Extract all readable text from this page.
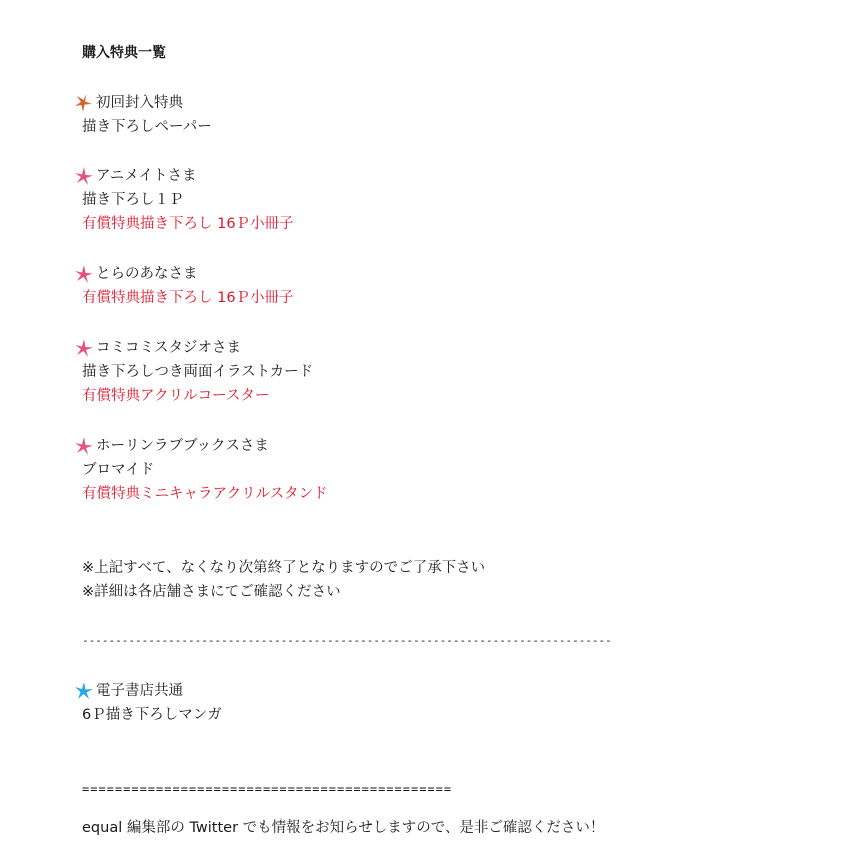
購入特典一覧
初回封入特典
描き下ろしペーパー
アニメイトさま
描き下ろし１Ｐ
有償特典描き下ろし 16Ｐ小冊子
とらのあなさま
有償特典描き下ろし 16Ｐ小冊子
コミコミスタジオさま
描き下ろしつき両面イラストカード
有償特典アクリルコースター
ホーリンラブブックスさま
ブロマイド
有償特典ミニキャラアクリルスタンド
※上記すべて、なくなり次第終了となりますのでご了承下さい
※詳細は各店舗さまにてご確認ください
--------------------------------------------------------------------------------
電子書店共通
6Ｐ描き下ろしマンガ
=============================================
equal 編集部の Twitter でも情報をお知らせしますので、是非ご確認ください！
